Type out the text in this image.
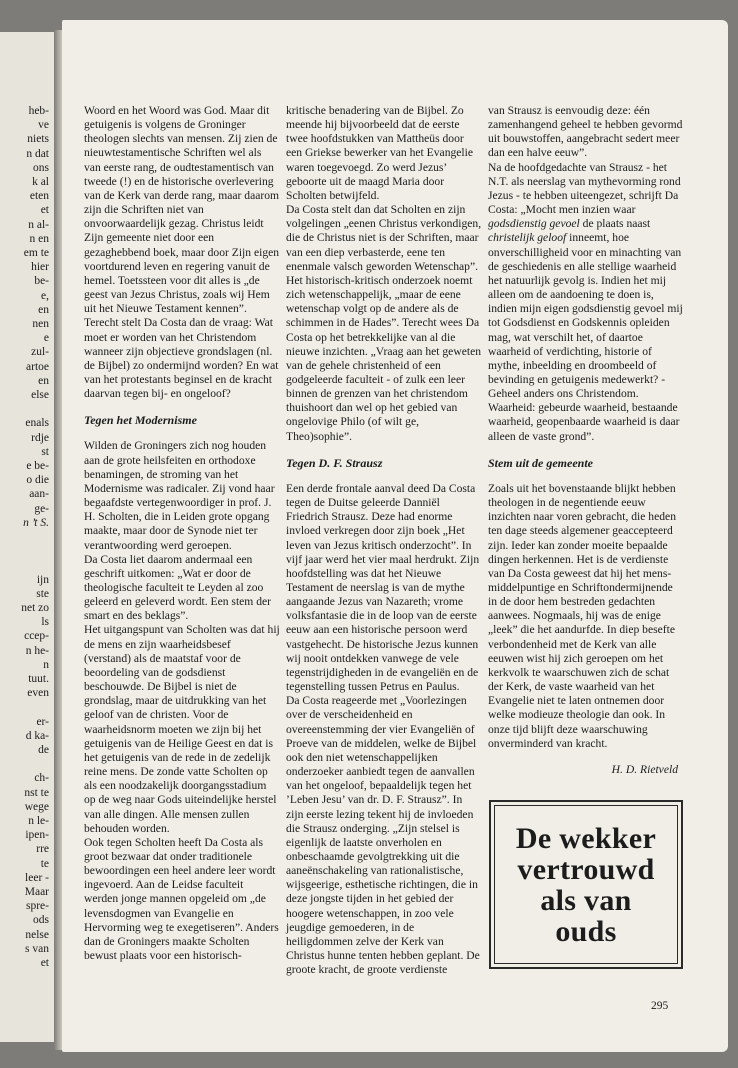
heb-
ve
niets
n dat
ons
k al
eten
et
n al-
n en
em te
hier
be-
e,
en
nen
e
zul-
artoe
en
else
enals
rdje
st
e be-
o die
aan-
ge-
n ’t S.
ijn
ste
net zo
ls
ccep-
n he-
n
tuut.
even
er-
d ka-
de
ch-
nst te
wege
n le-
ipen-
rre
te
leer -
Maar
spre-
ods
nelse
s van
et

Woord en het Woord was God. Maar dit getuigenis is volgens de Groninger theologen slechts van mensen. Zij zien de nieuwtestamentische Schriften wel als van eerste rang, de oudtestamentisch van tweede (!) en de historische overlevering van de Kerk van derde rang, maar daarom zijn die Schriften niet van onvoorwaardelijk gezag. Christus leidt Zijn gemeente niet door een gezaghebbend boek, maar door Zijn eigen voortdurend leven en regering vanuit de hemel. Toetssteen voor dit alles is „de geest van Jezus Christus, zoals wij Hem uit het Nieuwe Testament kennen”.

Terecht stelt Da Costa dan de vraag: Wat moet er worden van het Christendom wanneer zijn objectieve grondslagen (nl. de Bijbel) zo ondermijnd worden? En wat van het protestants beginsel en de kracht daarvan tegen bij- en ongeloof?

Tegen het Modernisme

Wilden de Groningers zich nog houden aan de grote heilsfeiten en orthodoxe benamingen, de stroming van het Modernisme was radicaler. Zij vond haar begaafdste vertegenwoordiger in prof. J. H. Scholten, die in Leiden grote opgang maakte, maar door de Synode niet ter verantwoording werd geroepen.

Da Costa liet daarom andermaal een geschrift uitkomen: „Wat er door de theologische faculteit te Leyden al zoo geleerd en geleverd wordt. Een stem der smart en des beklags”.

Het uitgangspunt van Scholten was dat hij de mens en zijn waarheidsbesef (verstand) als de maatstaf voor de beoordeling van de godsdienst beschouwde. De Bijbel is niet de grondslag, maar de uitdrukking van het geloof van de christen. Voor de waarheidsnorm moeten we zijn bij het getuigenis van de Heilige Geest en dat is het getuigenis van de rede in de zedelijk reine mens. De zonde vatte Scholten op als een noodzakelijk doorgangsstadium op de weg naar Gods uiteindelijke herstel van alle dingen. Alle mensen zullen behouden worden.

Ook tegen Scholten heeft Da Costa als groot bezwaar dat onder traditionele bewoordingen een heel andere leer wordt ingevoerd. Aan de Leidse faculteit werden jonge mannen opgeleid om „de levensdogmen van Evangelie en Hervorming weg te exegetiseren”. Anders dan de Groningers maakte Scholten bewust plaats voor een historisch-

kritische benadering van de Bijbel. Zo meende hij bijvoorbeeld dat de eerste twee hoofdstukken van Mattheüs door een Griekse bewerker van het Evangelie waren toegevoegd. Zo werd Jezus’ geboorte uit de maagd Maria door Scholten betwijfeld.

Da Costa stelt dan dat Scholten en zijn volgelingen „eenen Christus verkondigen, die de Christus niet is der Schriften, maar van een diep verbasterde, eene ten enenmale valsch geworden Wetenschap”. Het historisch-kritisch onderzoek noemt zich wetenschappelijk, „maar de eene wetenschap volgt op de andere als de schimmen in de Hades”. Terecht wees Da Costa op het betrekkelijke van al die nieuwe inzichten. „Vraag aan het geweten van de gehele christenheid of een godgeleerde faculteit - of zulk een leer binnen de grenzen van het christendom thuishoort dan wel op het gebied van ongelovige Philo (of wilt ge, Theo)sophie”.

Tegen D. F. Strausz

Een derde frontale aanval deed Da Costa tegen de Duitse geleerde Danniël Friedrich Strausz. Deze had enorme invloed verkregen door zijn boek „Het leven van Jezus kritisch onderzocht”. In vijf jaar werd het vier maal herdrukt. Zijn hoofdstelling was dat het Nieuwe Testament de neerslag is van de mythe aangaande Jezus van Nazareth; vrome volksfantasie die in de loop van de eerste eeuw aan een historische persoon werd vastgehecht. De historische Jezus kunnen wij nooit ontdekken vanwege de vele tegenstrijdigheden in de evangeliën en de tegenstelling tussen Petrus en Paulus.

Da Costa reageerde met „Voorlezingen over de verscheidenheid en overeenstemming der vier Evangeliën of Proeve van de middelen, welke de Bijbel ook den niet wetenschappelijken onderzoeker aanbiedt tegen de aanvallen van het ongeloof, bepaaldelijk tegen het ’Leben Jesu’ van dr. D. F. Strausz”. In zijn eerste lezing tekent hij de invloeden die Strausz onderging. „Zijn stelsel is eigenlijk de laatste onverholen en onbeschaamde gevolgtrekking uit die aaneënschakeling van rationalistische, wijsgeerige, esthetische richtingen, die in deze jongste tijden in het gebied der hoogere wetenschappen, in zoo vele jeugdige gemoederen, in de heiligdommen zelve der Kerk van Christus hunne tenten hebben geplant. De groote kracht, de groote verdienste

van Strausz is eenvoudig deze: één zamenhangend geheel te hebben gevormd uit bouwstoffen, aangebracht sedert meer dan een halve eeuw”.

Na de hoofdgedachte van Strausz - het N.T. als neerslag van mythevorming rond Jezus - te hebben uiteengezet, schrijft Da Costa: „Mocht men inzien waar godsdienstig gevoel de plaats naast christelijk geloof inneemt, hoe onverschilligheid voor en minachting van de geschiedenis en alle stellige waarheid het natuurlijk gevolg is. Indien het mij alleen om de aandoening te doen is, indien mijn eigen godsdienstig gevoel mij tot Godsdienst en Godskennis opleiden mag, wat verschilt het, of daartoe waarheid of verdichting, historie of mythe, inbeelding en droombeeld of bevinding en getuigenis medewerkt? - Geheel anders ons Christendom. Waarheid: gebeurde waarheid, bestaande waarheid, geopenbaarde waarheid is daar alleen de vaste grond”.

Stem uit de gemeente

Zoals uit het bovenstaande blijkt hebben theologen in de negentiende eeuw inzichten naar voren gebracht, die heden ten dage steeds algemener geaccepteerd zijn. Ieder kan zonder moeite bepaalde dingen herkennen. Het is de verdienste van Da Costa geweest dat hij het mens-middelpuntige en Schriftondermijnende in de door hem bestreden gedachten aanwees. Nogmaals, hij was de enige „leek” die het aandurfde. In diep besefte verbondenheid met de Kerk van alle eeuwen wist hij zich geroepen om het kerkvolk te waarschuwen zich de schat der Kerk, de vaste waarheid van het Evangelie niet te laten ontnemen door welke modieuze theologie dan ook. In onze tijd blijft deze waarschuwing onverminderd van kracht.

H. D. Rietveld

De wekker
vertrouwd
als van
ouds
295
